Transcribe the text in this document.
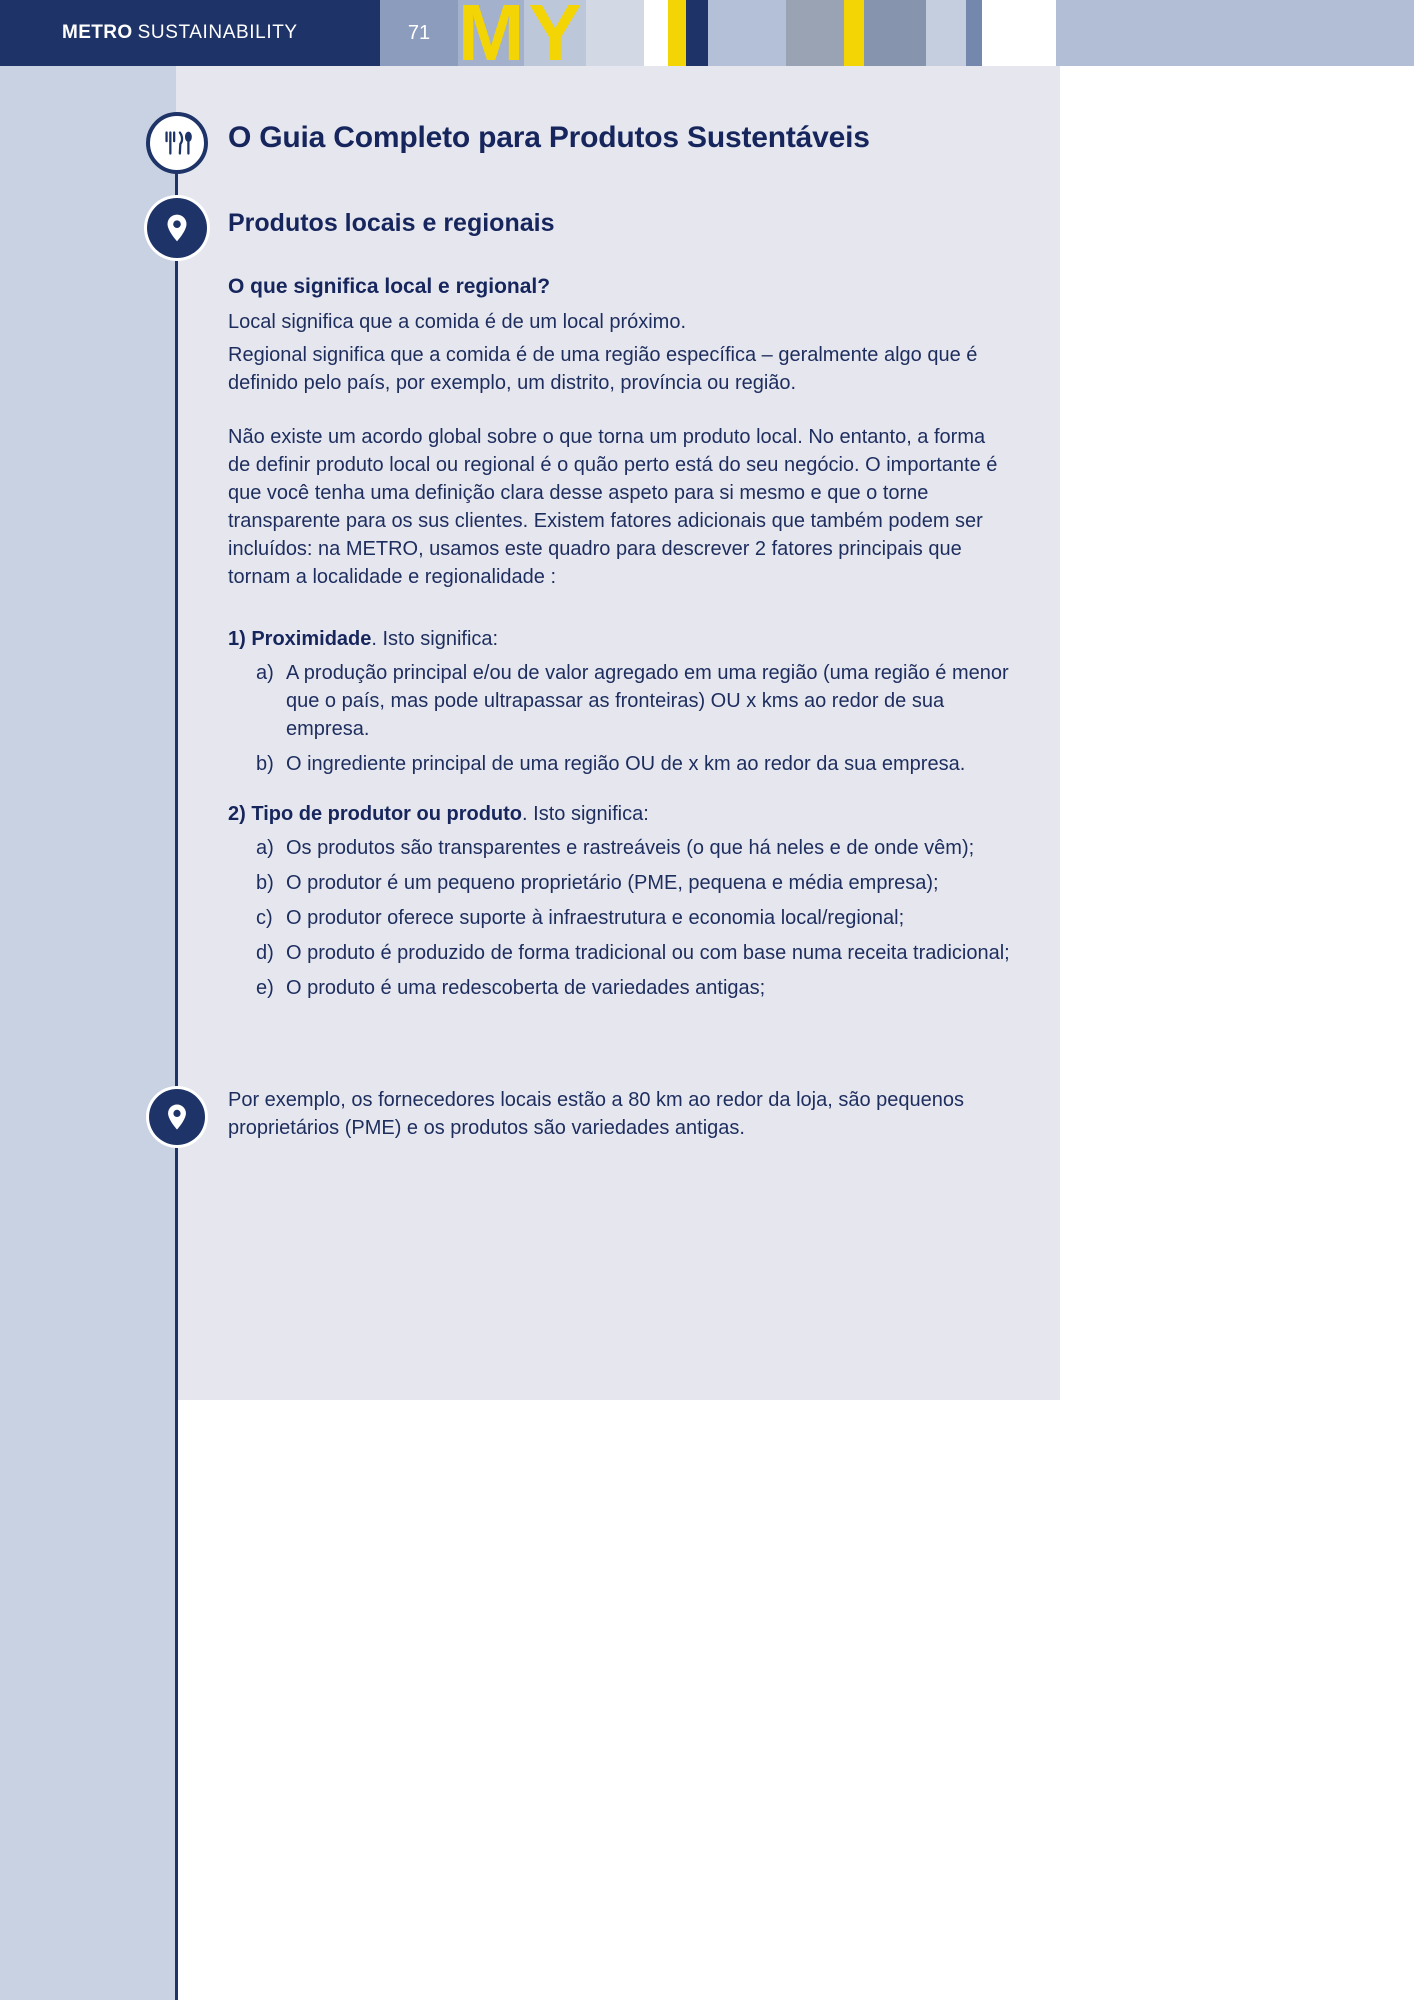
METRO SUSTAINABILITY	71 M Y
O Guia Completo para Produtos Sustentáveis
Produtos locais e regionais
O que significa local e regional?

Local significa que a comida é de um local próximo.

Regional significa que a comida é de uma região específica – geralmente algo que é definido pelo país, por exemplo, um distrito, província ou região.

Não existe um acordo global sobre o que torna um produto local. No entanto, a forma de definir produto local ou regional é o quão perto está do seu negócio. O importante é que você tenha uma definição clara desse aspeto para si mesmo e que o torne transparente para os sus clientes. Existem fatores adicionais que também podem ser incluídos: na METRO, usamos este quadro para descrever 2 fatores principais que tornam a localidade e regionalidade :

1) Proximidade. Isto significa:

a) A produção principal e/ou de valor agregado em uma região (uma região é menor que o país, mas pode ultrapassar as fronteiras) OU x kms ao redor de sua empresa.
b) O ingrediente principal de uma região OU de x km ao redor da sua empresa.

2) Tipo de produtor ou produto. Isto significa:

a) Os produtos são transparentes e rastreáveis (o que há neles e de onde vêm);
b) O produtor é um pequeno proprietário (PME, pequena e média empresa);
c) O produtor oferece suporte à infraestrutura e economia local/regional;
d) O produto é produzido de forma tradicional ou com base numa receita tradicional;
e) O produto é uma redescoberta de variedades antigas;
Por exemplo, os fornecedores locais estão a 80 km ao redor da loja, são pequenos proprietários (PME) e os produtos são variedades antigas.
